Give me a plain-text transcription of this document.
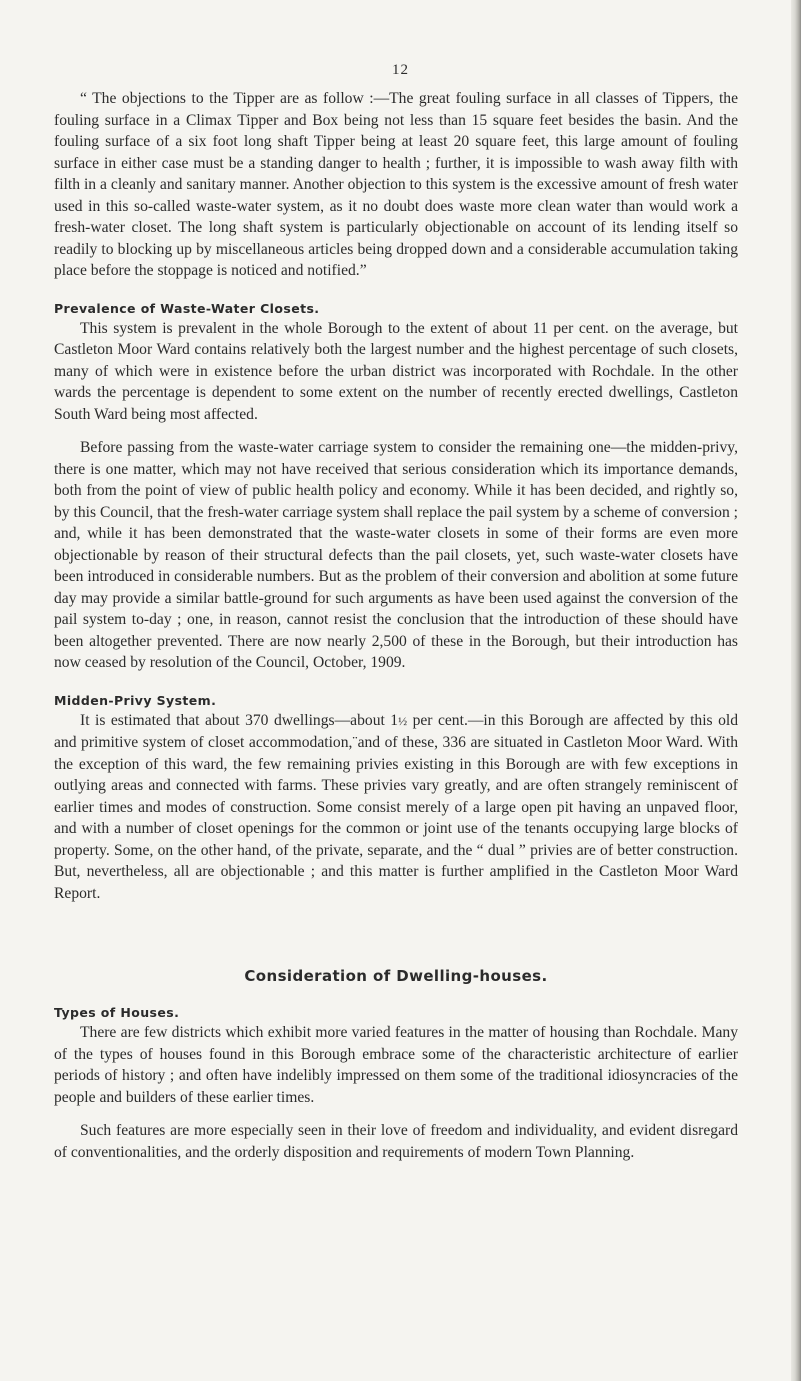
12

“ The objections to the Tipper are as follow :—The great fouling surface in all classes of Tippers, the fouling surface in a Climax Tipper and Box being not less than 15 square feet besides the basin. And the fouling surface of a six foot long shaft Tipper being at least 20 square feet, this large amount of fouling surface in either case must be a standing danger to health ; further, it is impossible to wash away filth with filth in a cleanly and sanitary manner. Another objection to this system is the excessive amount of fresh water used in this so-called waste-water system, as it no doubt does waste more clean water than would work a fresh-water closet. The long shaft system is particularly objectionable on account of its lending itself so readily to blocking up by miscellaneous articles being dropped down and a considerable accumulation taking place before the stoppage is noticed and notified.”

Prevalence of Waste-Water Closets.

This system is prevalent in the whole Borough to the extent of about 11 per cent. on the average, but Castleton Moor Ward contains relatively both the largest number and the highest percentage of such closets, many of which were in existence before the urban district was incorporated with Rochdale. In the other wards the percentage is dependent to some extent on the number of recently erected dwellings, Castleton South Ward being most affected.

Before passing from the waste-water carriage system to consider the remaining one—the midden-privy, there is one matter, which may not have received that serious consideration which its importance demands, both from the point of view of public health policy and economy. While it has been decided, and rightly so, by this Council, that the fresh-water carriage system shall replace the pail system by a scheme of conversion ; and, while it has been demonstrated that the waste-water closets in some of their forms are even more objectionable by reason of their structural defects than the pail closets, yet, such waste-water closets have been introduced in considerable numbers. But as the problem of their conversion and abolition at some future day may provide a similar battle-ground for such arguments as have been used against the conversion of the pail system to-day ; one, in reason, cannot resist the conclusion that the introduction of these should have been altogether prevented. There are now nearly 2,500 of these in the Borough, but their introduction has now ceased by resolution of the Council, October, 1909.

Midden-Privy System.

It is estimated that about 370 dwellings—about 1½ per cent.—in this Borough are affected by this old and primitive system of closet accommodation,¨and of these, 336 are situated in Castleton Moor Ward. With the exception of this ward, the few remaining privies existing in this Borough are with few exceptions in outlying areas and connected with farms. These privies vary greatly, and are often strangely reminiscent of earlier times and modes of construction. Some consist merely of a large open pit having an unpaved floor, and with a number of closet openings for the common or joint use of the tenants occupying large blocks of property. Some, on the other hand, of the private, separate, and the “ dual ” privies are of better construction. But, nevertheless, all are objectionable ; and this matter is further amplified in the Castleton Moor Ward Report.

Consideration of Dwelling-houses.
Types of Houses.

There are few districts which exhibit more varied features in the matter of housing than Rochdale. Many of the types of houses found in this Borough embrace some of the characteristic architecture of earlier periods of history ; and often have indelibly impressed on them some of the traditional idiosyncracies of the people and builders of these earlier times.

Such features are more especially seen in their love of freedom and individuality, and evident disregard of conventionalities, and the orderly disposition and requirements of modern Town Planning.
